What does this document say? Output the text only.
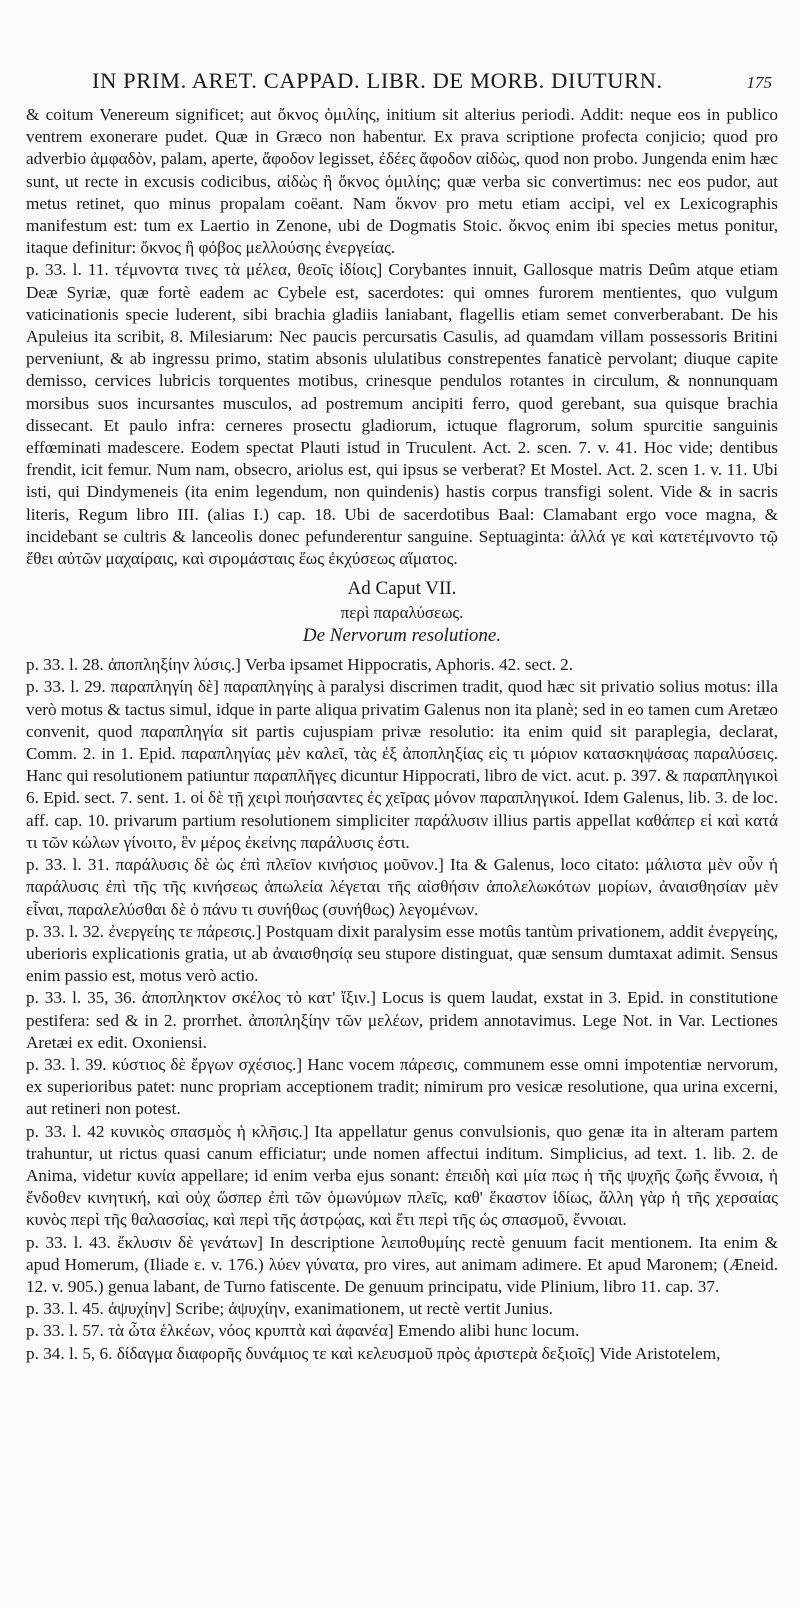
IN PRIM. ARET. CAPPAD. LIBR. DE MORB. DIUTURN.	175

& coitum Venereum significet; aut ὄκνος ὁμιλίης, initium sit alterius periodi. Addit: neque eos in publico ventrem exonerare pudet. Quæ in Græco non habentur. Ex prava scriptione profecta conjicio; quod pro adverbio ἀμφαδὸν, palam, aperte, ἄφοδον legisset, ἐδέες ἄφοδον αἰδὼς, quod non probo. Jungenda enim hæc sunt, ut recte in excusis codicibus, αἰδὼς ἢ ὄκνος ὁμιλίης; quæ verba sic convertimus: nec eos pudor, aut metus retinet, quo minus propalam coëant. Nam ὄκνον pro metu etiam accipi, vel ex Lexicographis manifestum est: tum ex Laertio in Zenone, ubi de Dogmatis Stoic. ὄκνος enim ibi species metus ponitur, itaque definitur: ὄκνος ἢ φόβος μελλούσης ἐνεργείας.

p. 33. l. 11. τέμνοντα τινες τὰ μέλεα, θεοῖς ἰδίοις] Corybantes innuit, Gallosque matris Deûm atque etiam Deæ Syriæ, quæ fortè eadem ac Cybele est, sacerdotes: qui omnes furorem mentientes, quo vulgum vaticinationis specie luderent, sibi brachia gladiis laniabant, flagellis etiam semet converberabant. De his Apuleius ita scribit, 8. Milesiarum: Nec paucis percursatis Casulis, ad quamdam villam possessoris Britini perveniunt, & ab ingressu primo, statim absonis ululatibus constrepentes fanaticè pervolant; diuque capite demisso, cervices lubricis torquentes motibus, crinesque pendulos rotantes in circulum, & nonnunquam morsibus suos incursantes musculos, ad postremum ancipiti ferro, quod gerebant, sua quisque brachia dissecant. Et paulo infra: cerneres prosectu gladiorum, ictuque flagrorum, solum spurcitie sanguinis effœminati madescere. Eodem spectat Plauti istud in Truculent. Act. 2. scen. 7. v. 41. Hoc vide; dentibus frendit, icit femur. Num nam, obsecro, ariolus est, qui ipsus se verberat? Et Mostel. Act. 2. scen 1. v. 11. Ubi isti, qui Dindymeneis (ita enim legendum, non quindenis) hastis corpus transfigi solent. Vide & in sacris literis, Regum libro III. (alias I.) cap. 18. Ubi de sacerdotibus Baal: Clamabant ergo voce magna, & incidebant se cultris & lanceolis donec pefunderentur sanguine. Septuaginta: ἀλλά γε καὶ κατετέμνοντο τῷ ἔθει αὐτῶν μαχαίραις, καὶ σιρομάσταις ἕως ἐκχύσεως αἵματος.

Ad Caput VII.
περὶ παραλύσεως.
De Nervorum resolutione.

p. 33. l. 28. ἀποπληξίην λύσις.] Verba ipsamet Hippocratis, Aphoris. 42. sect. 2.

p. 33. l. 29. παραπληγίη δὲ] παραπληγίης à paralysi discrimen tradit, quod hæc sit privatio solius motus: illa verò motus & tactus simul, idque in parte aliqua privatim Galenus non ita planè; sed in eo tamen cum Aretæo convenit, quod παραπληγία sit partis cujuspiam privæ resolutio: ita enim quid sit paraplegia, declarat, Comm. 2. in 1. Epid. παραπληγίας μὲν καλεῖ, τὰς ἐξ ἀποπληξίας εἰς τι μόριον κατασκηψάσας παραλύσεις. Hanc qui resolutionem patiuntur παραπλῆγες dicuntur Hippocrati, libro de vict. acut. p. 397. & παραπληγικοὶ 6. Epid. sect. 7. sent. 1. οἱ δὲ τῇ χειρὶ ποιήσαντες ἐς χεῖρας μόνον παραπληγικοί. Idem Galenus, lib. 3. de loc. aff. cap. 10. privarum partium resolutionem simpliciter παράλυσιν illius partis appellat καθάπερ εἰ καὶ κατά τι τῶν κώλων γίνοιτο, ἓν μέρος ἐκείνης παράλυσις ἐστι.

p. 33. l. 31. παράλυσις δὲ ὡς ἐπὶ πλεῖον κινήσιος μοῦνον.] Ita & Galenus, loco citato: μάλιστα μὲν οὖν ἡ παράλυσις ἐπὶ τῆς τῆς κινήσεως ἀπωλεία λέγεται τῆς αἰσθήσιν ἀπολελωκότων μορίων, ἀναισθησίαν μὲν εἶναι, παραλελύσθαι δὲ ὁ πάνυ τι συνήθως (συνήθως) λεγομένων.

p. 33. l. 32. ἐνεργείης τε πάρεσις.] Postquam dixit paralysim esse motûs tantùm privationem, addit ἐνεργείης, uberioris explicationis gratia, ut ab ἀναισθησίᾳ seu stupore distinguat, quæ sensum dumtaxat adimit. Sensus enim passio est, motus verò actio.

p. 33. l. 35, 36. ἀποπληκτον σκέλος τὸ κατ' ἴξιν.] Locus is quem laudat, exstat in 3. Epid. in constitutione pestifera: sed & in 2. prorrhet. ἀποπληξίην τῶν μελέων, pridem annotavimus. Lege Not. in Var. Lectiones Aretæi ex edit. Oxoniensi.

p. 33. l. 39. κύστιος δὲ ἔργων σχέσιος.] Hanc vocem πάρεσις, communem esse omni impotentiæ nervorum, ex superioribus patet: nunc propriam acceptionem tradit; nimirum pro vesicæ resolutione, qua urina excerni, aut retineri non potest.

p. 33. l. 42 κυνικὸς σπασμὸς ἡ κλῆσις.] Ita appellatur genus convulsionis, quo genæ ita in alteram partem trahuntur, ut rictus quasi canum efficiatur; unde nomen affectui inditum. Simplicius, ad text. 1. lib. 2. de Anima, videtur κυνία appellare; id enim verba ejus sonant: ἐπειδὴ καὶ μία πως ἡ τῆς ψυχῆς ζωῆς ἔννοια, ἡ ἔνδοθεν κινητική, καὶ οὐχ ὥσπερ ἐπὶ τῶν ὁμωνύμων πλεῖς, καθ' ἕκαστον ἰδίως, ἄλλη γὰρ ἡ τῆς χερσαίας κυνὸς περὶ τῆς θαλασσίας, καὶ περὶ τῆς ἀστρῴας, καὶ ἔτι περὶ τῆς ὡς σπασμοῦ, ἔννοιαι.

p. 33. l. 43. ἔκλυσιν δὲ γενάτων] In descriptione λειποθυμίης rectè genuum facit mentionem. Ita enim & apud Homerum, (Iliade ε. v. 176.) λύεν γύνατα, pro vires, aut animam adimere. Et apud Maronem; (Æneid. 12. v. 905.) genua labant, de Turno fatiscente. De genuum principatu, vide Plinium, libro 11. cap. 37.

p. 33. l. 45. ἀψυχίην] Scribe; ἀψυχίην, exanimationem, ut rectè vertit Junius.

p. 33. l. 57. τὰ ὦτα ἑλκέων, νόος κρυπτὰ καὶ ἀφανέα] Emendo alibi hunc locum.

p. 34. l. 5, 6. δίδαγμα διαφορῆς δυνάμιος τε καὶ κελευσμοῦ πρὸς ἀριστερὰ δεξιοῖς] Vide Aristotelem,
